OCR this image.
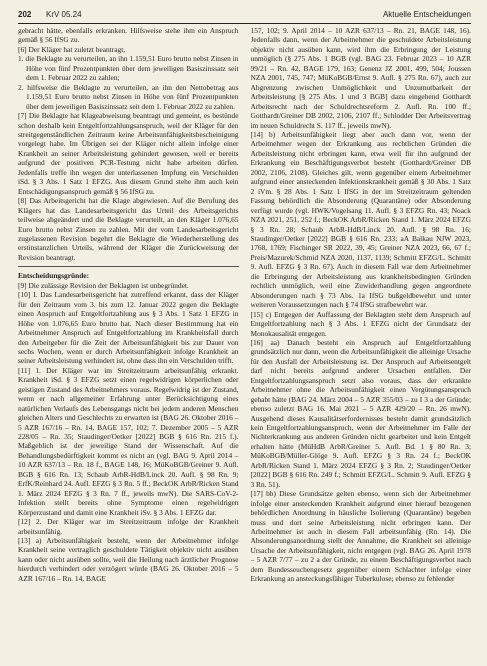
202 KrV 05.24	Aktuelle Entscheidungen

gebracht hätte, ebenfalls erkranken. Hilfsweise stehe ihm ein Anspruch gemäß § 56 IfSG zu.

[6] Der Kläger hat zuletzt beantragt,

1. die Beklagte zu verurteilen, an ihn 1.159,51 Euro brutto nebst Zinsen in Höhe von fünf Prozentpunkten über dem jeweiligen Basiszinssatz seit dem 1. Februar 2022 zu zahlen;

2. hilfsweise die Beklagte zu verurteilen, an ihn den Nettobetrag aus 1.159,51 Euro brutto nebst Zinsen in Höhe von fünf Prozentpunkten über dem jeweiligen Basiszinssatz seit dem 1. Februar 2022 zu zahlen.

[7] Die Beklagte hat Klageabweisung beantragt und gemeint, es bestünde schon deshalb kein Entgeltfortzahlungsanspruch, weil der Kläger für den streitgegenständlichen Zeitraum keine Arbeitsunfähigkeitsbescheinigung vorgelegt habe. Im Übrigen sei der Kläger nicht allein infolge einer Krankheit an seiner Arbeitsleistung gehindert gewesen, weil er bereits aufgrund der positiven PCR-Testung nicht habe arbeiten dürfen. Jedenfalls treffe ihn wegen der unterlassenen Impfung ein Verschulden iSd. § 3 Abs. 1 Satz 1 EFZG. Aus diesem Grund stehe ihm auch kein Entschädigungsanspruch gemäß § 56 IfSG zu.

[8] Das Arbeitsgericht hat die Klage abgewiesen. Auf die Berufung des Klägers hat das Landesarbeitsgericht das Urteil des Arbeitsgerichts teilweise abgeändert und die Beklagte verurteilt, an den Kläger 1.076,65 Euro brutto nebst Zinsen zu zahlen. Mit der vom Landesarbeitsgericht zugelassenen Revision begehrt die Beklagte die Wiederherstellung des erstinstanzlichen Urteils, während der Kläger die Zurückweisung der Revision beantragt.

Entscheidungsgründe:

[9] Die zulässige Revision der Beklagten ist unbegründet.

[10] I. Das Landesarbeitsgericht hat zutreffend erkannt, dass der Kläger für den Zeitraum vom 3. bis zum 12. Januar 2022 gegen die Beklagte einen Anspruch auf Entgeltfortzahlung aus § 3 Abs. 1 Satz 1 EFZG in Höhe von 1.076,65 Euro brutto hat. Nach dieser Bestimmung hat ein Arbeitnehmer Anspruch auf Entgeltfortzahlung im Krankheitsfall durch den Arbeitgeber für die Zeit der Arbeitsunfähigkeit bis zur Dauer von sechs Wochen, wenn er durch Arbeitsunfähigkeit infolge Krankheit an seiner Arbeitsleistung verhindert ist, ohne dass ihn ein Verschulden trifft.

[11] 1. Der Kläger war im Streitzeitraum arbeitsunfähig erkrankt. Krankheit iSd. § 3 EFZG setzt einen regelwidrigen körperlichen oder geistigen Zustand des Arbeitnehmers voraus. Regelwidrig ist der Zustand, wenn er nach allgemeiner Erfahrung unter Berücksichtigung eines natürlichen Verlaufs des Lebensgangs nicht bei jedem anderen Menschen gleichen Alters und Geschlechts zu erwarten ist (BAG 26. Oktober 2016 – 5 AZR 167/16 – Rn. 14, BAGE 157, 102; 7. Dezember 2005 – 5 AZR 228/05 – Rn. 35; Staudinger/Oetker [2022] BGB § 616 Rn. 215 f.). Maßgeblich ist der jeweilige Stand der Wissenschaft. Auf die Behandlungsbedürftigkeit kommt es nicht an (vgl. BAG 9. April 2014 – 10 AZR 637/13 – Rn. 18 f., BAGE 148, 16; MüKoBGB/Greiner 9. Aufl. BGB § 616 Rn. 13; Schaub ArbR-HdB/Linck 20. Aufl. § 98 Rn. 9; ErfK/Reinhard 24. Aufl. EFZG § 3 Rn. 5 ff.; BeckOK ArbR/Ricken Stand 1. März 2024 EFZG § 3 Rn. 7 ff., jeweils mwN). Die SARS-CoV-2-Infektion stellt bereits ohne Symptome einen regelwidrigen Körperzustand und damit eine Krankheit iSv. § 3 Abs. 1 EFZG dar.

[12] 2. Der Kläger war im Streitzeitraum infolge der Krankheit arbeitsunfähig.

[13] a) Arbeitsunfähigkeit besteht, wenn der Arbeitnehmer infolge Krankheit seine vertraglich geschuldete Tätigkeit objektiv nicht ausüben kann oder nicht ausüben sollte, weil die Heilung nach ärztlicher Prognose hierdurch verhindert oder verzögert würde (BAG 26. Oktober 2016 – 5 AZR 167/16 – Rn. 14, BAGE

157, 102; 9. April 2014 – 10 AZR 637/13 – Rn. 21, BAGE 148, 16). Jedenfalls dann, wenn der Arbeitnehmer die geschuldete Arbeitsleistung objektiv nicht ausüben kann, wird ihm die Erbringung der Leistung unmöglich (§ 275 Abs. 1 BGB (vgl. BAG 23. Februar 2023 – 10 AZR 99/21 – Rn. 42, BAGE 179, 163; Genenz JZ 2001, 499, 504; Joussen NZA 2001, 745, 747; MüKoBGB/Ernst 9. Aufl. § 275 Rn. 67), auch zur Abgrenzung zwischen Unmöglichkeit und Unzumutbarkeit der Arbeitsleistung [§ 275 Abs. 1 und 3 BGB] dazu eingehend Gotthardt Arbeitsrecht nach der Schuldrechtsreform 2. Aufl. Rn. 100 ff.; Gotthardt/Greiner DB 2002, 2106, 2107 ff.; Schlodder Der Arbeitsvertrag im neuen Schuldrecht S. 117 ff., jeweils mwN).

[14] b) Arbeitsunfähigkeit liegt aber auch dann vor, wenn der Arbeitnehmer wegen der Erkrankung aus rechtlichen Gründen die Arbeitsleistung nicht erbringen kann, etwa weil für ihn aufgrund der Erkrankung ein Beschäftigungsverbot besteht (Gotthardt/Greiner DB 2002, 2106, 2108). Gleiches gilt, wenn gegenüber einem Arbeitnehmer aufgrund einer ansteckenden Infektionskrankheit gemäß § 30 Abs. 1 Satz 2 iVm. § 28 Abs. 1 Satz 1 IfSG in der im Streitzeitraum geltenden Fassung behördlich die Absonderung (Quarantäne) oder Absonderung verfügt wurde (vgl. HWK/Vogelsang 11. Aufl. § 3 EFZG Rn. 43; Noack NZA 2021, 251, 252 f.; BeckOK ArbR/Ricken Stand 1. März 2024 EFZG § 3 Rn. 28; Schaub ArbR-HdB/Linck 20. Aufl. § 98 Rn. 16; Staudinger/Oetker [2022] BGB § 616 Rn. 233; aA Balkau NJW 2023, 1768, 1769; Fischinger SR 2022, 39, 45; Greiner NZA 2023, 66, 67 f.; Preis/Mazurek/Schmid NZA 2020, 1137, 1139; Schmitt EFZG/L. Schmitt 9. Aufl. EFZG § 3 Rn. 67). Auch in diesem Fall war dem Arbeitnehmer die Erbringung der Arbeitsleistung aus krankheitsbedingten Gründen rechtlich unmöglich, weil eine Zuwiderhandlung gegen angeordnete Absonderungen nach § 73 Abs. 1a IfSG bußgeldbewehrt und unter weiteren Voraussetzungen nach § 74 IfSG strafbewehrt war.

[15] c) Entgegen der Auffassung der Beklagten steht dem Anspruch auf Entgeltfortzahlung nach § 3 Abs. 1 EFZG nicht der Grundsatz der Monokausalität entgegen.

[16] aa) Danach besteht ein Anspruch auf Entgeltfortzahlung grundsätzlich nur dann, wenn die Arbeitsunfähigkeit die alleinige Ursache für den Ausfall der Arbeitsleistung ist. Der Anspruch auf Arbeitsentgelt darf nicht bereits aufgrund anderer Ursachen entfallen. Der Entgeltfortzahlungsanspruch setzt also voraus, dass der erkrankte Arbeitnehmer ohne die Arbeitsunfähigkeit einen Vergütungsanspruch gehabt hätte (BAG 24. März 2004 – 5 AZR 355/03 – zu I 3 a der Gründe; ebenso zuletzt BAG 16. Mai 2021 – 5 AZR 429/20 – Rn. 26 mwN). Ausgehend dieses Kausalitätserfordernisses besteht damit grundsätzlich kein Entgeltfortzahlungsanspruch, wenn der Arbeitnehmer im Falle der Nichterkrankung aus anderen Gründen nicht gearbeitet und kein Entgelt erhalten hätte (MüHdB ArbR/Greiner 5. Aufl. Bd. 1 § 80 Rn. 3; MüKoBGB/Müller-Glöge 9. Aufl. EFZG § 3 Rn. 24 f.; BeckOK ArbR/Ricken Stand 1. März 2024 EFZG § 3 Rn. 2; Staudinger/Oetker [2022] BGB § 616 Rn. 249 f.; Schmitt EFZG/L. Schmitt 9. Aufl. EFZG § 3 Rn. 51).

[17] bb) Diese Grundsätze gelten ebenso, wenn sich der Arbeitnehmer infolge einer ansteckenden Krankheit aufgrund einer hierauf bezogenen behördlichen Anordnung in häusliche Isolierung (Quarantäne) begeben muss und dort seine Arbeitsleistung nicht erbringen kann. Der Arbeitnehmer ist auch in diesem Fall arbeitsunfähig (Rn. 14). Die Absonderungsanordnung stellt der Annahme, die Krankheit sei alleinige Ursache der Arbeitsunfähigkeit, nicht entgegen (vgl. BAG 26. April 1978 – 5 AZR 7/77 – zu 2 a der Gründe, zu einem Beschäftigungsverbot nach dem Bundesseuchengesetz gegenüber einem Schlachter infolge einer Erkrankung an ansteckungsfähiger Tuberkulose; ebenso zu fehlender
